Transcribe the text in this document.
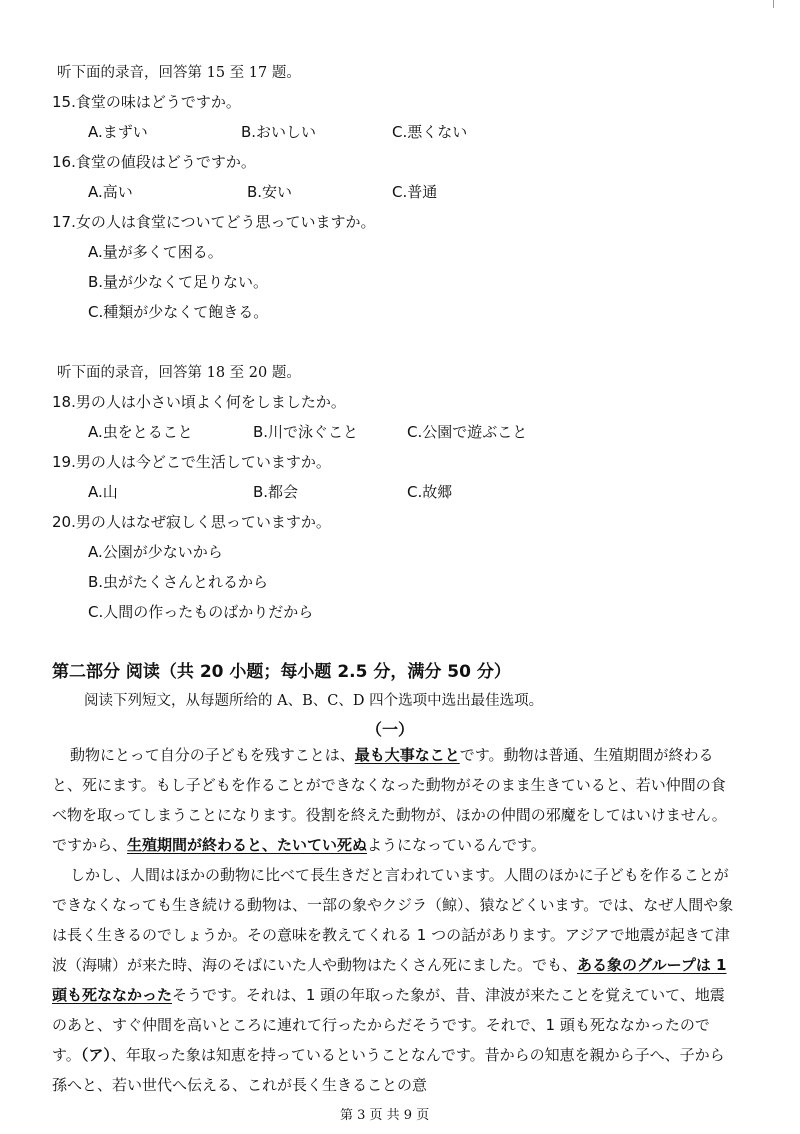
听下面的录音，回答第 15 至 17 题。
15.食堂の味はどうですか。
A.まずい	B.おいしい	C.悪くない
16.食堂の値段はどうですか。
A.高い	B.安い	C.普通
17.女の人は食堂についてどう思っていますか。
A.量が多くて困る。
B.量が少なくて足りない。
C.種類が少なくて飽きる。
听下面的录音，回答第 18 至 20 题。
18.男の人は小さい頃よく何をしましたか。
A.虫をとること	B.川で泳ぐこと	C.公園で遊ぶこと
19.男の人は今どこで生活していますか。
A.山	B.都会	C.故郷
20.男の人はなぜ寂しく思っていますか。
A.公園が少ないから
B.虫がたくさんとれるから
C.人間の作ったものばかりだから
第二部分 阅读（共 20 小题；每小题 2.5 分，满分 50 分）
阅读下列短文，从每题所给的 A、B、C、D 四个选项中选出最佳选项。
（一）

動物にとって自分の子どもを残すことは、最も大事なことです。動物は普通、生殖期間が終わると、死にます。もし子どもを作ることができなくなった動物がそのまま生きていると、若い仲間の食べ物を取ってしまうことになります。役割を終えた動物が、ほかの仲間の邪魔をしてはいけません。ですから、生殖期間が終わると、たいてい死ぬようになっているんです。

しかし、人間はほかの動物に比べて長生きだと言われています。人間のほかに子どもを作ることができなくなっても生き続ける動物は、一部の象やクジラ（鲸）、猿などくいます。では、なぜ人間や象は長く生きるのでしょうか。その意味を教えてくれる 1 つの話があります。アジアで地震が起きて津波（海啸）が来た時、海のそばにいた人や動物はたくさん死にました。でも、ある象のグループは 1 頭も死ななかったそうです。それは、1 頭の年取った象が、昔、津波が来たことを覚えていて、地震のあと、すぐ仲間を高いところに連れて行ったからだそうです。それで、1 頭も死ななかったのです。（ア）、年取った象は知恵を持っているということなんです。昔からの知恵を親から子へ、子から孫へと、若い世代へ伝える、これが長く生きることの意

第 3 页 共 9 页
